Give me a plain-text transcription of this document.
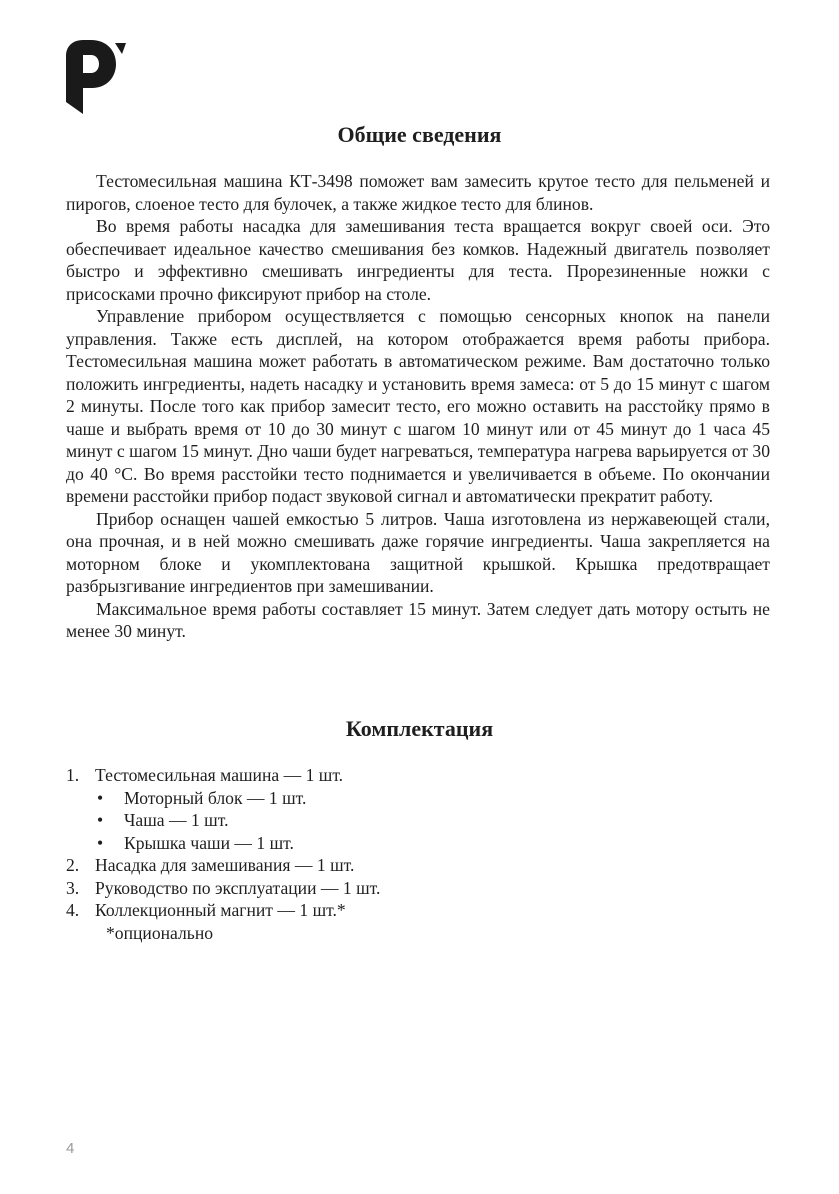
Общие сведения

Тестомесильная машина КТ-3498 поможет вам замесить крутое тесто для пельменей и пирогов, слоеное тесто для булочек, а также жидкое тесто для блинов.

Во время работы насадка для замешивания теста вращается вокруг своей оси. Это обеспечивает идеальное качество смешивания без комков. Надежный двигатель позволяет быстро и эффективно смешивать ингредиенты для теста. Прорезиненные ножки с присосками прочно фиксируют прибор на столе.

Управление прибором осуществляется с помощью сенсорных кнопок на панели управления. Также есть дисплей, на котором отображается время работы прибора. Тестомесильная машина может работать в автоматическом режиме. Вам достаточно только положить ингредиенты, надеть насадку и установить время замеса: от 5 до 15 минут с шагом 2 минуты. После того как прибор замесит тесто, его можно оставить на расстойку прямо в чаше и выбрать время от 10 до 30 минут с шагом 10 минут или от 45 минут до 1 часа 45 минут с шагом 15 минут. Дно чаши будет нагреваться, температура нагрева варьируется от 30 до 40 °С. Во время расстойки тесто поднимается и увеличивается в объеме. По окончании времени расстойки прибор подаст звуковой сигнал и автоматически прекратит работу.

Прибор оснащен чашей емкостью 5 литров. Чаша изготовлена из нержавеющей стали, она прочная, и в ней можно смешивать даже горячие ингредиенты. Чаша закрепляется на моторном блоке и укомплектована защитной крышкой. Крышка предотвращает разбрызгивание ингредиентов при замешивании.

Максимальное время работы составляет 15 минут. Затем следует дать мотору остыть не менее 30 минут.

Комплектация
1. Тестомесильная машина — 1 шт.
•	Моторный блок — 1 шт.
•	Чаша — 1 шт.
•	Крышка чаши — 1 шт.
2. Насадка для замешивания — 1 шт.
3. Руководство по эксплуатации — 1 шт.
4. Коллекционный магнит — 1 шт.*
*опционально
4
